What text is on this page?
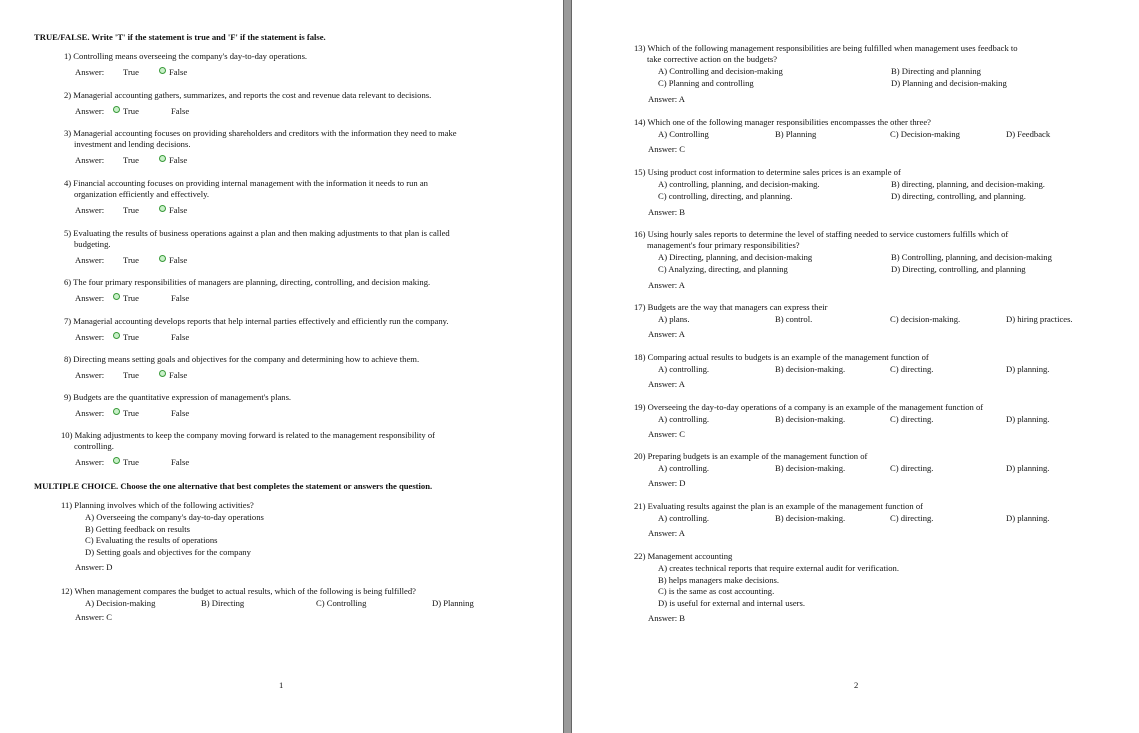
TRUE/FALSE. Write 'T' if the statement is true and 'F' if the statement is false.
1) Controlling means overseeing the company's day-to-day operations.
Answer: True	False
2) Managerial accounting gathers, summarizes, and reports the cost and revenue data relevant to decisions.
Answer:	True	False
3) Managerial accounting focuses on providing shareholders and creditors with the information they need to make
investment and lending decisions.
Answer: True	False
4) Financial accounting focuses on providing internal management with the information it needs to run an
organization efficiently and effectively.
Answer: True	False
5) Evaluating the results of business operations against a plan and then making adjustments to that plan is called
budgeting.
Answer: True	False
6) The four primary responsibilities of managers are planning, directing, controlling, and decision making.
Answer:	True	False
7) Managerial accounting develops reports that help internal parties effectively and efficiently run the company.
Answer:	True	False
8) Directing means setting goals and objectives for the company and determining how to achieve them.
Answer: True	False
9) Budgets are the quantitative expression of management's plans.
Answer:	True	False
10) Making adjustments to keep the company moving forward is related to the management responsibility of
controlling.
Answer:	True	False
MULTIPLE CHOICE. Choose the one alternative that best completes the statement or answers the question.
11) Planning involves which of the following activities?
A) Overseeing the company's day-to-day operations
B) Getting feedback on results
C) Evaluating the results of operations
D) Setting goals and objectives for the company
Answer: D
12) When management compares the budget to actual results, which of the following is being fulfilled?
A) Decision-making	B) Directing	C) Controlling	D) Planning
Answer: C
1
13) Which of the following management responsibilities are being fulfilled when management uses feedback to
take corrective action on the budgets?
A) Controlling and decision-making	B) Directing and planning
C) Planning and controlling	D) Planning and decision-making
Answer: A
14) Which one of the following manager responsibilities encompasses the other three?
A) Controlling	B) Planning	C) Decision-making	D) Feedback
Answer: C
15) Using product cost information to determine sales prices is an example of
A) controlling, planning, and decision-making.	B) directing, planning, and decision-making.
C) controlling, directing, and planning.	D) directing, controlling, and planning.
Answer: B
16) Using hourly sales reports to determine the level of staffing needed to service customers fulfills which of
management's four primary responsibilities?
A) Directing, planning, and decision-making	B) Controlling, planning, and decision-making
C) Analyzing, directing, and planning	D) Directing, controlling, and planning
Answer: A
17) Budgets are the way that managers can express their
A) plans.	B) control.	C) decision-making.	D) hiring practices.
Answer: A
18) Comparing actual results to budgets is an example of the management function of
A) controlling.	B) decision-making.	C) directing.	D) planning.
Answer: A
19) Overseeing the day-to-day operations of a company is an example of the management function of
A) controlling.	B) decision-making.	C) directing.	D) planning.
Answer: C
20) Preparing budgets is an example of the management function of
A) controlling.	B) decision-making.	C) directing.	D) planning.
Answer: D
21) Evaluating results against the plan is an example of the management function of
A) controlling.	B) decision-making.	C) directing.	D) planning.
Answer: A
22) Management accounting
A) creates technical reports that require external audit for verification.
B) helps managers make decisions.
C) is the same as cost accounting.
D) is useful for external and internal users.
Answer: B
2
